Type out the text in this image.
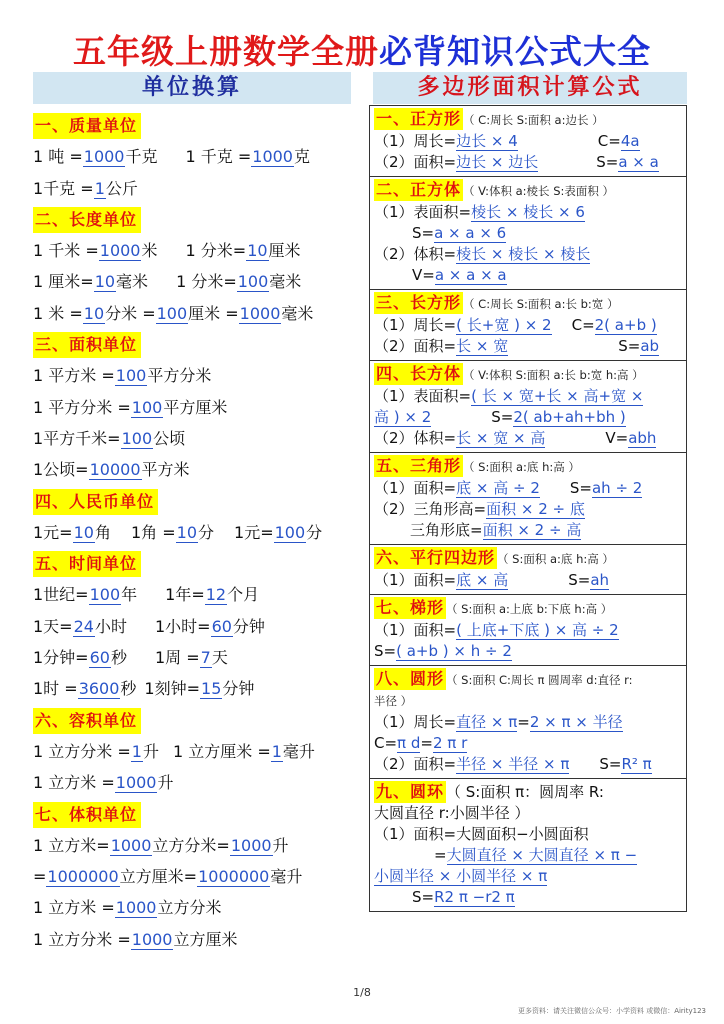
五年级上册数学全册必背知识公式大全
单位换算	多边形面积计算公式
一、质量单位
1 吨 =1000千克 1 千克 =1000克
1千克 =1公斤
二、长度单位
1 千米 =1000米 1 分米=10厘米
1 厘米=10毫米 1 分米=100毫米
1 米 =10分米 =100厘米 =1000毫米
三、面积单位
1 平方米 =100平方分米
1 平方分米 =100平方厘米
1平方千米=100公顷
1公顷=10000平方米
四、人民币单位
1元=10角 1角 =10分 1元=100分
五、时间单位
1世纪=100年 1年=12个月
1天=24小时 1小时=60分钟
1分钟=60秒 1周 =7天
1时 =3600秒 1刻钟=15分钟
六、容积单位
1 立方分米 =1升 1 立方厘米 =1毫升
1 立方米 =1000升
七、体积单位
1 立方米=1000立方分米=1000升
=1000000立方厘米=1000000毫升
1 立方米 =1000立方分米
1 立方分米 =1000立方厘米
一、正方形 （ C:周长 S:面积 a:边长 ）
（1）周长=边长 × 4	C=4a
（2）面积=边长 × 边长	S=a × a
二、正方体 （ V:体积 a:棱长 S:表面积 ）
（1）表面积=棱长 × 棱长 × 6
S=a × a × 6
（2）体积=棱长 × 棱长 × 棱长
V=a × a × a
三、长方形 （ C:周长 S:面积 a:长 b:宽 ）
（1）周长=( 长+宽 ) × 2 C=2( a+b )
（2）面积=长 × 宽	S=ab
四、长方体 （ V:体积 S:面积 a:长 b:宽 h:高 ）
（1）表面积=( 长 × 宽+长 × 高+宽 ×
高 ) × 2	S=2( ab+ah+bh )
（2）体积=长 × 宽 × 高	V=abh
五、三角形 （ S:面积 a:底 h:高 ）
（1）面积=底 × 高 ÷ 2 S=ah ÷ 2
（2）三角形高=面积 × 2 ÷ 底
三角形底=面积 × 2 ÷ 高
六、平行四边形 （ S:面积 a:底 h:高 ）
（1）面积=底 × 高	S=ah
七、梯形 （ S:面积 a:上底 b:下底 h:高 ）
（1）面积=( 上底+下底 ) × 高 ÷ 2
S=( a+b ) × h ÷ 2
八、圆形 （ S:面积 C:周长 π 圆周率 d:直径 r:
半径 ）
（1）周长=直径 × π=2 × π × 半径
C=π d=2 π r
（2）面积=半径 × 半径 × π S=R² π
九、圆环 （ S:面积 π：圆周率 R:
大圆直径 r:小圆半径 ）
（1）面积=大圆面积−小圆面积
=大圆直径 × 大圆直径 × π −
小圆半径 × 小圆半径 × π
S=R2 π −r2 π
1/8
更多资料：请关注微信公众号：小学资料 或微信：Airity123
